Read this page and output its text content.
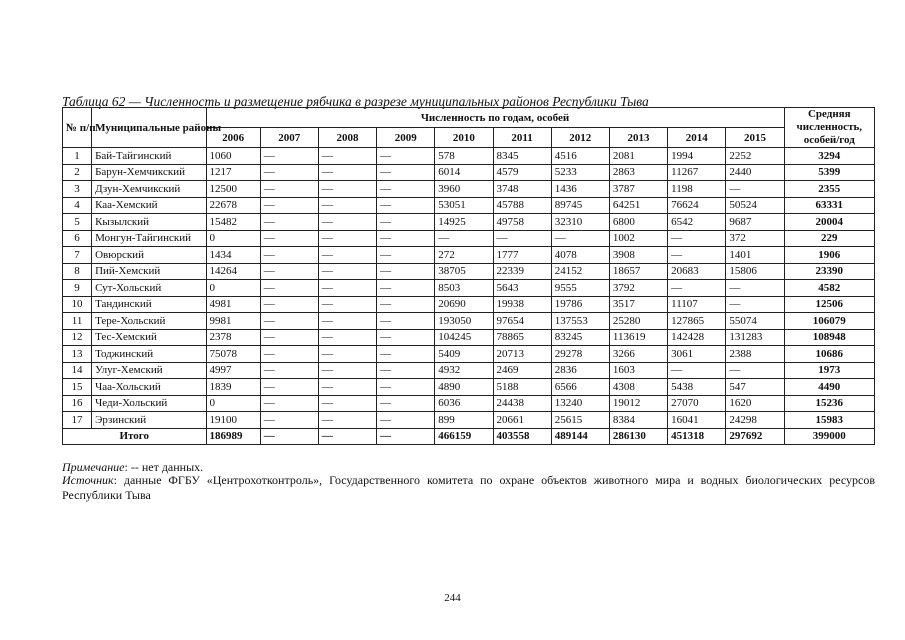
Таблица 62 — Численность и размещение рябчика в разрезе муниципальных районов Республики Тыва
№ п/п	Муниципальные районы	Численность по годам, особей										Средняя численность, особей/год
		2006	2007	2008	2009	2010	2011	2012	2013	2014	2015	
1	Бай-Тайгинский	1060	—	—	—	578	8345	4516	2081	1994	2252	3294
2	Барун-Хемчикский	1217	—	—	—	6014	4579	5233	2863	11267	2440	5399
3	Дзун-Хемчикский	12500	—	—	—	3960	3748	1436	3787	1198	—	2355
4	Каа-Хемский	22678	—	—	—	53051	45788	89745	64251	76624	50524	63331
5	Кызылский	15482	—	—	—	14925	49758	32310	6800	6542	9687	20004
6	Монгун-Тайгинский	0	—	—	—	—	—	—	1002	—	372	229
7	Овюрский	1434	—	—	—	272	1777	4078	3908	—	1401	1906
8	Пий-Хемский	14264	—	—	—	38705	22339	24152	18657	20683	15806	23390
9	Сут-Хольский	0	—	—	—	8503	5643	9555	3792	—	—	4582
10	Тандинский	4981	—	—	—	20690	19938	19786	3517	11107	—	12506
11	Тере-Хольский	9981	—	—	—	193050	97654	137553	25280	127865	55074	106079
12	Тес-Хемский	2378	—	—	—	104245	78865	83245	113619	142428	131283	108948
13	Тоджинский	75078	—	—	—	5409	20713	29278	3266	3061	2388	10686
14	Улуг-Хемский	4997	—	—	—	4932	2469	2836	1603	—	—	1973
15	Чаа-Хольский	1839	—	—	—	4890	5188	6566	4308	5438	547	4490
16	Чеди-Хольский	0	—	—	—	6036	24438	13240	19012	27070	1620	15236
17	Эрзинский	19100	—	—	—	899	20661	25615	8384	16041	24298	15983
Итого		186989	—	—	—	466159	403558	489144	286130	451318	297692	399000
Примечание: -- нет данных.
Источник: данные ФГБУ «Центрохотконтроль», Государственного комитета по охране объектов животного мира и водных биологических ресурсов Республики Тыва
244
